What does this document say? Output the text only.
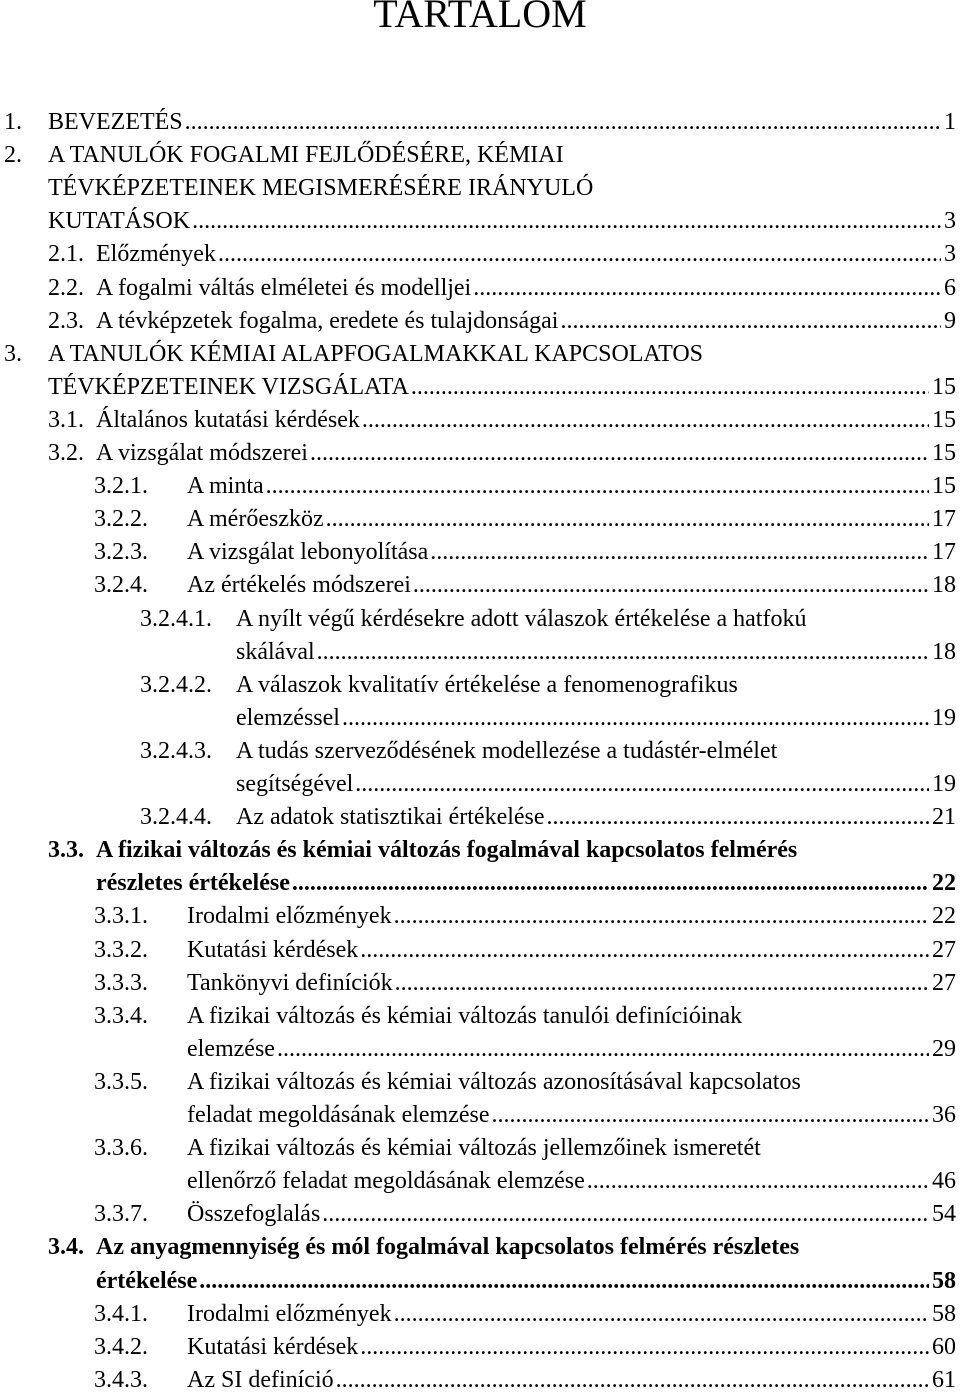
TARTALOM
1.	BEVEZETÉS . . .	1
2.	A TANULÓK FOGALMI FEJLŐDÉSÉRE, KÉMIAI
TÉVKÉPZETEINEK MEGISMERÉSÉRE IRÁNYULÓ
KUTATÁSOK . . .	3
2.1. Előzmények . . .	3
2.2. A fogalmi váltás elméletei és modelljei . . .	6
2.3. A tévképzetek fogalma, eredete és tulajdonságai . . .	9
3.	A TANULÓK KÉMIAI ALAPFOGALMAKKAL KAPCSOLATOS
TÉVKÉPZETEINEK VIZSGÁLATA . . .	15
3.1. Általános kutatási kérdések . . .	15
3.2. A vizsgálat módszerei . . .	15
3.2.1.	A minta . . .	15
3.2.2.	A mérőeszköz . . .	17
3.2.3.	A vizsgálat lebonyolítása . . .	17
3.2.4.	Az értékelés módszerei . . .	18
3.2.4.1.	A nyílt végű kérdésekre adott válaszok értékelése a hatfokú
skálával . . .	18
3.2.4.2.	A válaszok kvalitatív értékelése a fenomenografikus
elemzéssel . . .	19
3.2.4.3.	A tudás szerveződésének modellezése a tudástér-elmélet
segítségével . . .	19
3.2.4.4.	Az adatok statisztikai értékelése . . .	21
3.3. A fizikai változás és kémiai változás fogalmával kapcsolatos felmérés
részletes értékelése . . .	22
3.3.1.	Irodalmi előzmények . . .	22
3.3.2.	Kutatási kérdések . . .	27
3.3.3.	Tankönyvi definíciók . . .	27
3.3.4.	A fizikai változás és kémiai változás tanulói definícióinak
elemzése . . .	29
3.3.5.	A fizikai változás és kémiai változás azonosításával kapcsolatos
feladat megoldásának elemzése . . .	36
3.3.6.	A fizikai változás és kémiai változás jellemzőinek ismeretét
ellenőrző feladat megoldásának elemzése . . .	46
3.3.7.	Összefoglalás . . .	54
3.4. Az anyagmennyiség és mól fogalmával kapcsolatos felmérés részletes
értékelése . . .	58
3.4.1.	Irodalmi előzmények . . .	58
3.4.2.	Kutatási kérdések . . .	60
3.4.3.	Az SI definíció . . .	61
